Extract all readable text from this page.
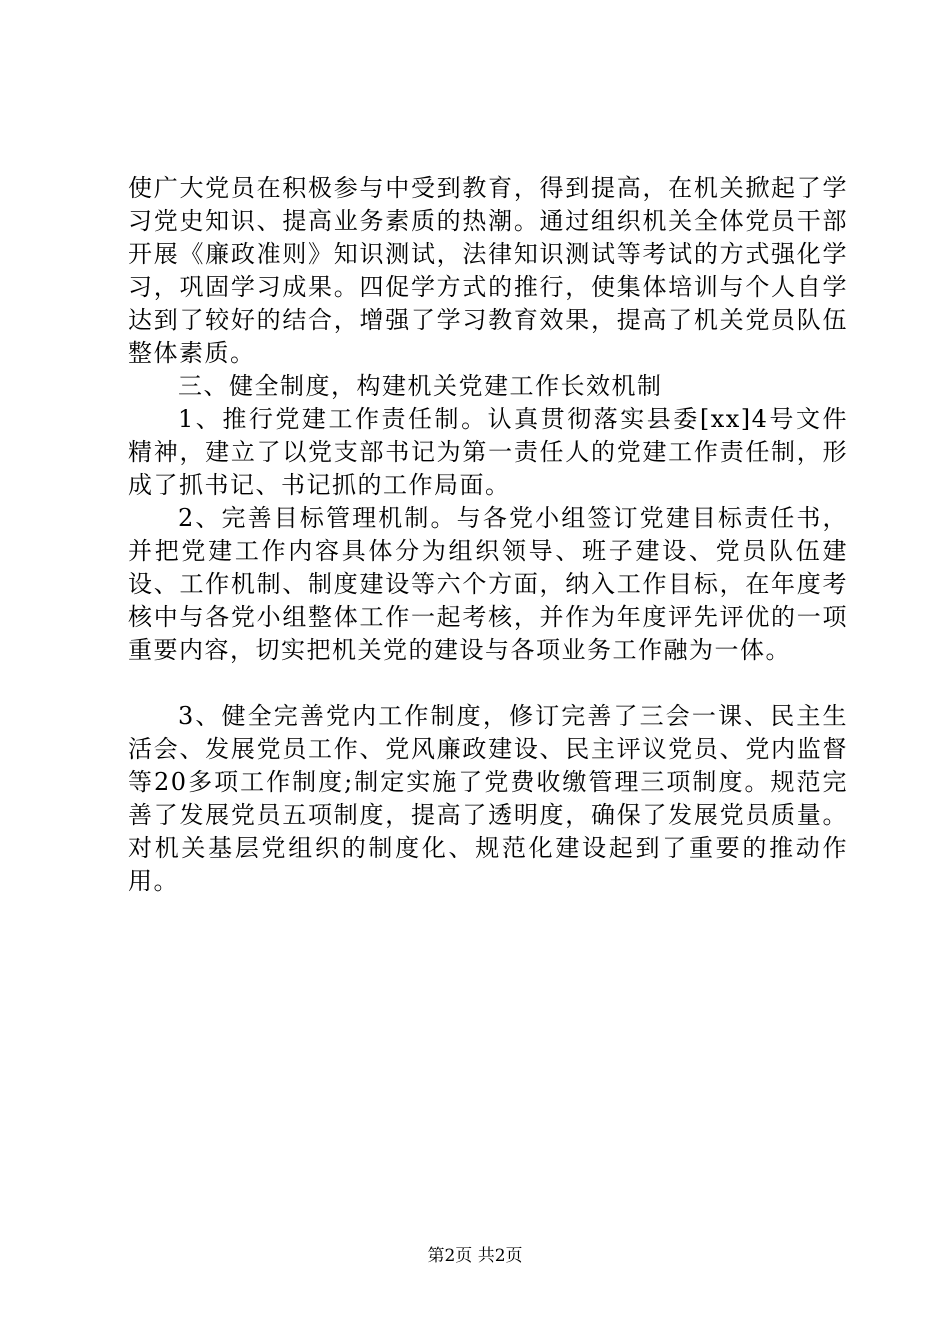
使广大党员在积极参与中受到教育，得到提高，在机关掀起了学习党史知识、提高业务素质的热潮。通过组织机关全体党员干部开展《廉政准则》知识测试，法律知识测试等考试的方式强化学习，巩固学习成果。四促学方式的推行，使集体培训与个人自学达到了较好的结合，增强了学习教育效果，提高了机关党员队伍整体素质。

三、健全制度，构建机关党建工作长效机制

1、推行党建工作责任制。认真贯彻落实县委[xx]4号文件精神，建立了以党支部书记为第一责任人的党建工作责任制，形成了抓书记、书记抓的工作局面。

2、完善目标管理机制。与各党小组签订党建目标责任书，并把党建工作内容具体分为组织领导、班子建设、党员队伍建设、工作机制、制度建设等六个方面，纳入工作目标，在年度考核中与各党小组整体工作一起考核，并作为年度评先评优的一项重要内容，切实把机关党的建设与各项业务工作融为一体。

3、健全完善党内工作制度，修订完善了三会一课、民主生活会、发展党员工作、党风廉政建设、民主评议党员、党内监督等20多项工作制度;制定实施了党费收缴管理三项制度。规范完善了发展党员五项制度，提高了透明度，确保了发展党员质量。对机关基层党组织的制度化、规范化建设起到了重要的推动作用。

第2页 共2页
